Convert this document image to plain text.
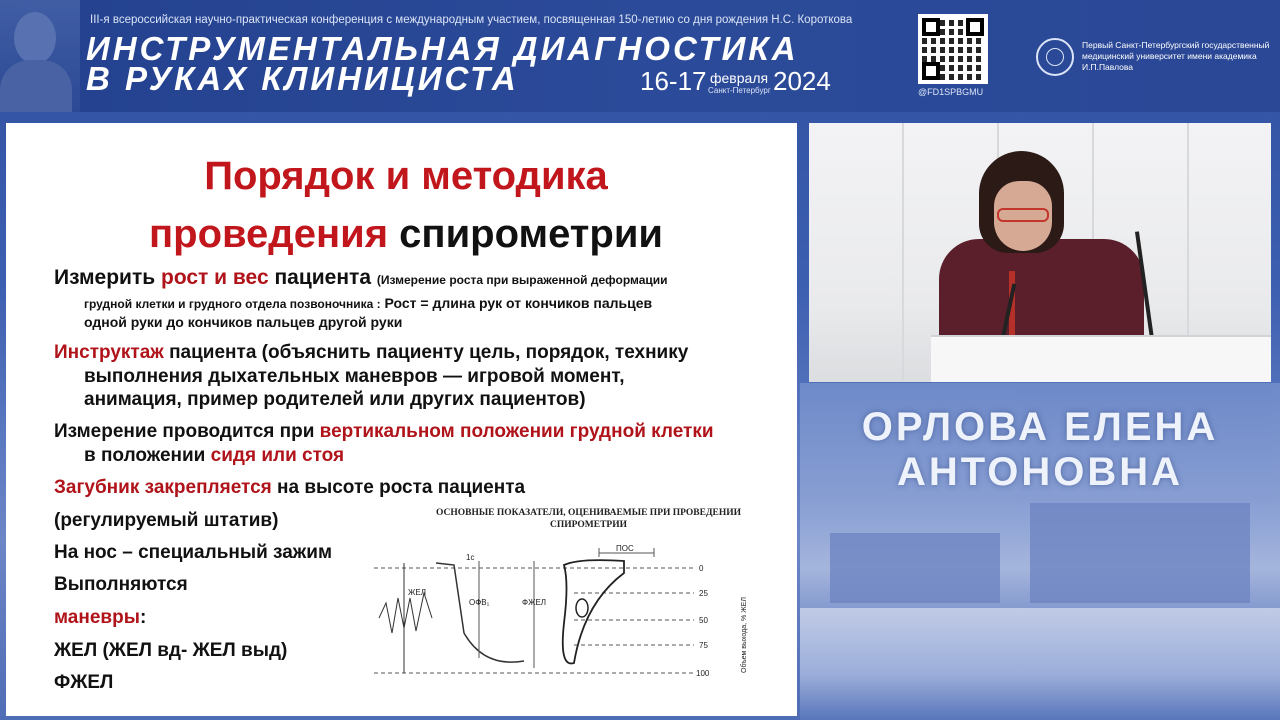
III-я всероссийская научно-практическая конференция с международным участием, посвященная 150-летию со дня рождения Н.С. Короткова
ИНСТРУМЕНТАЛЬНАЯ ДИАГНОСТИКА
В РУКАХ КЛИНИЦИСТА	16-17 февраля
Санкт-Петербург 2024	@FD1SPBGMU
Первый Санкт-Петербургский государственный медицинский университет имени академика И.П.Павлова
Порядок и методика
проведения спирометрии
Измерить рост и вес пациента (Измерение роста при выраженной деформации
грудной клетки и грудного отдела позвоночника : Рост = длина рук от кончиков пальцев
одной руки до кончиков пальцев другой руки
Инструктаж пациента (объяснить пациенту цель, порядок, технику
выполнения дыхательных маневров — игровой момент,
анимация, пример родителей или других пациентов)
Измерение проводится при вертикальном положении грудной клетки
в положении сидя или стоя
Загубник закрепляется на высоте роста пациента
(регулируемый штатив)
На нос – специальный зажим
Выполняются
маневры:
ЖЕЛ (ЖЕЛ вд- ЖЕЛ выд)
ФЖЕЛ
ОСНОВНЫЕ ПОКАЗАТЕЛИ, ОЦЕНИВАЕМЫЕ ПРИ ПРОВЕДЕНИИ
СПИРОМЕТРИИ
1с
ЖЕЛ
ОФВ₁	ФЖЕЛ
ПОС
0
25
50
75
100
Объем выхода, % ЖЕЛ
ОРЛОВА ЕЛЕНА
АНТОНОВНА
